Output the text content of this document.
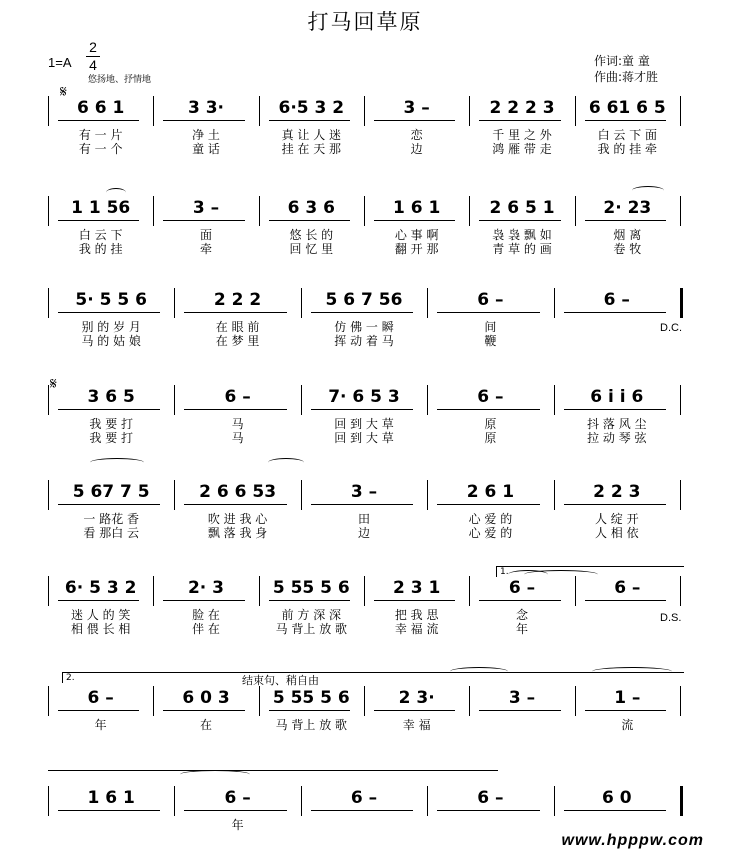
打马回草原
1=A
2
4
悠扬地、抒情地
作词:童 童
作曲:蒋才胜
𝄋
𝄋
6 6 1
有 一 片
有 一 个
3 3·
净 土
童 话
6·5 3 2
真 让 人 迷
挂 在 天 那
3 –
恋
边
2 2 2 3
千 里 之 外
鸿 雁 带 走
6 61 6 5
白 云 下 面
我 的 挂 牵
1 1 56
白 云 下
我 的 挂
3 –
面
牵
6 3 6
悠 长 的
回 忆 里
1 6 1
心 事 啊
翻 开 那
2 6 5 1
袅 袅 飘 如
青 草 的 画
2· 23
烟 离
卷 牧
5· 5 5 6
别 的 岁 月
马 的 姑 娘
2 2 2
在 眼 前
在 梦 里
5 6 7 56
仿 佛 一 瞬
挥 动 着 马
6 –
间
鞭
6 –
3 6 5
我 要 打
我 要 打
6 –
马
马
7· 6 5 3
回 到 大 草
回 到 大 草
6 –
原
原
6 i i 6
抖 落 风 尘
拉 动 琴 弦
5 67 7 5
一 路花 香
看 那白 云
2 6 6 53
吹 进 我 心
飘 落 我 身
3 –
田
边
2 6 1
心 爱 的
心 爱 的
2 2 3
人 绽 开
人 相 依
6· 5 3 2
迷 人 的 笑
相 偎 长 相
2· 3
脸 在
伴 在
5 55 5 6
前 方 深 深
马 背上 放 歌
2 3 1
把 我 思
幸 福 流
6 –
念
年
6 –
6 –
年
6 0 3
在
5 55 5 6
马 背上 放 歌
2 3·
幸 福
3 –	1 –
流
1 6 1	6 –
年
6 –	6 –	6 0
D.C.
D.S.
结束句、稍自由
1.
2.
www.hpppw.com
